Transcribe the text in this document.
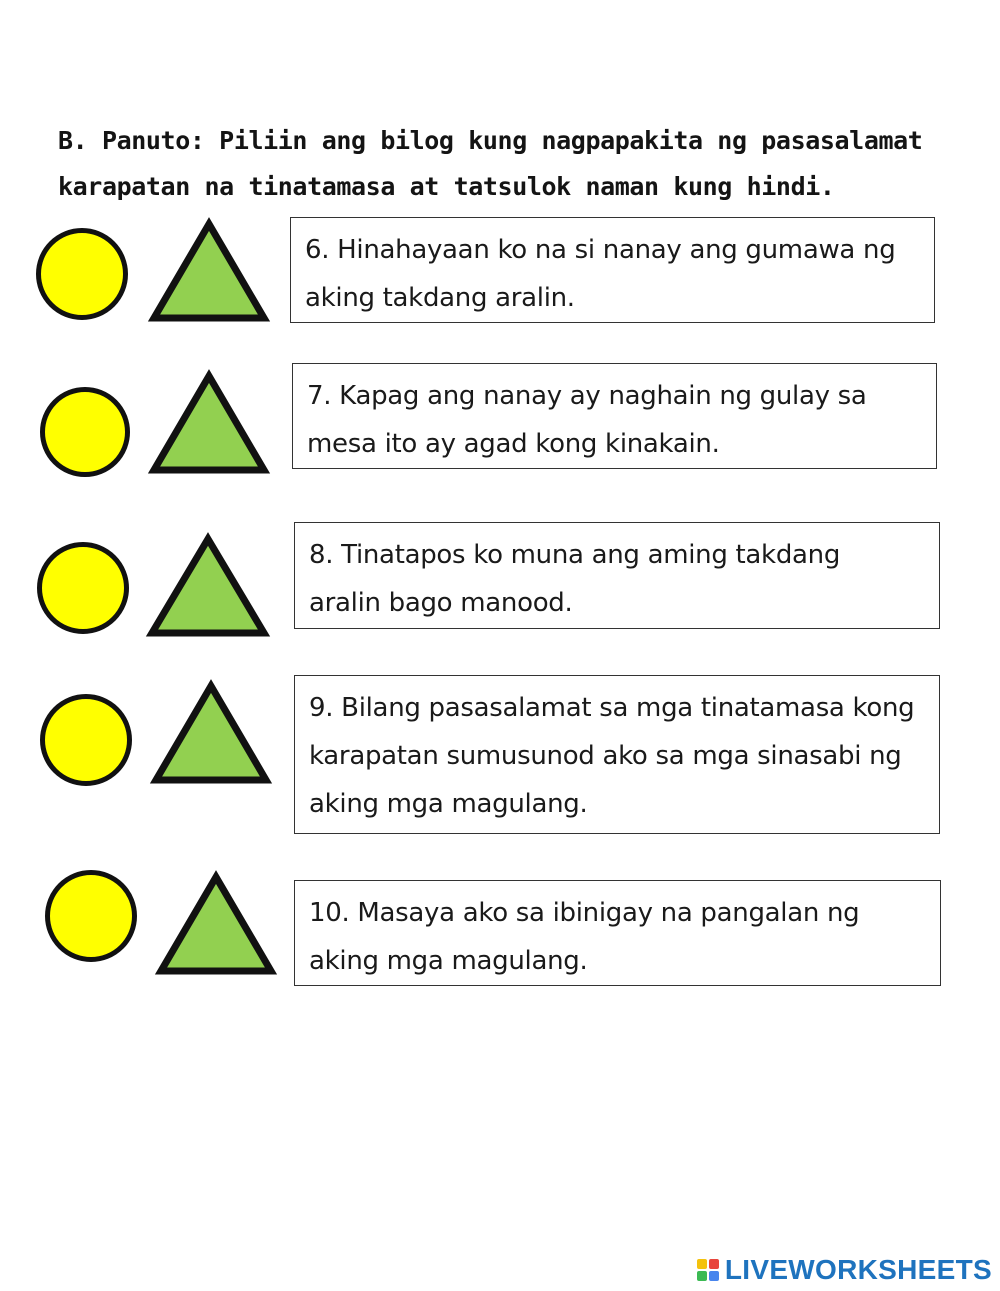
B. Panuto: Piliin ang bilog kung nagpapakita ng pasasalamat
karapatan na tinatamasa at tatsulok naman kung hindi.
6. Hinahayaan ko na si nanay ang gumawa ng
aking takdang aralin.
7. Kapag ang nanay ay naghain ng gulay sa
mesa ito ay agad kong kinakain.
8. Tinatapos ko muna ang aming takdang
aralin bago manood.
9. Bilang pasasalamat sa mga tinatamasa kong
karapatan sumusunod ako sa mga sinasabi ng
aking mga magulang.
10. Masaya ako sa ibinigay na pangalan ng
aking mga magulang.
LIVEWORKSHEETS
